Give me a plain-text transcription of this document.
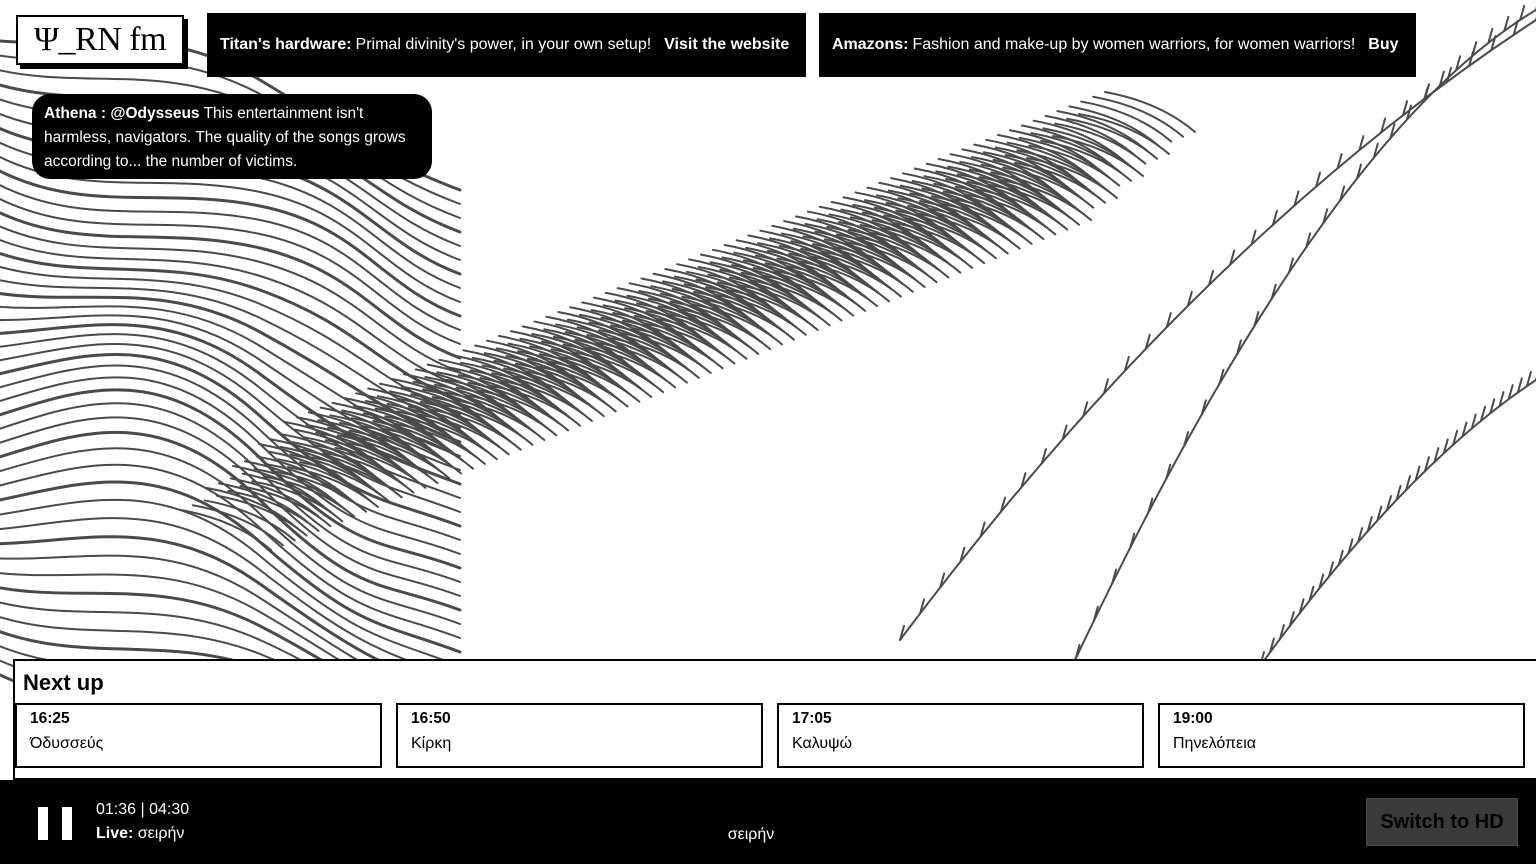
Ψ_RN fm	Titan's hardware : Primal divinity's power, in your own setup! Visit the website	Amazons : Fashion and make-up by women warriors, for women warriors! Buy
Athena : @Odysseus This entertainment isn't harmless, navigators. The quality of the songs grows according to... the number of victims.
Next up
16:25
Όδυσσεύς
16:50
Κίρκη
17:05
Καλυψώ
19:00
Πηνελόπεια
01:36 | 04:30
Live: σειρήν	σειρήν
Switch to HD
